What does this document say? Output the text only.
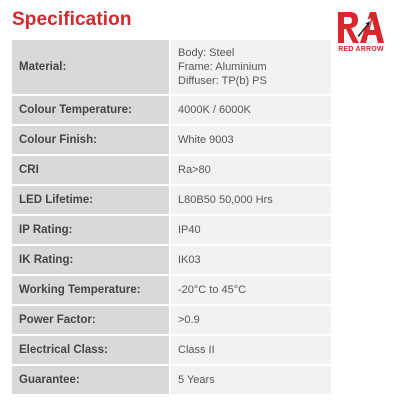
Specification
RED ARROW
Material:	Body: Steel
Frame: Aluminium
Diffuser: TP(b) PS

Colour Temperature:	4000K / 6000K
Colour Finish:	White 9003
CRI	Ra>80
LED Lifetime:	L80B50 50,000 Hrs
IP Rating:	IP40
IK Rating:	IK03
Working Temperature:	-20°C to 45°C
Power Factor:	>0.9
Electrical Class:	Class II
Guarantee:	5 Years
